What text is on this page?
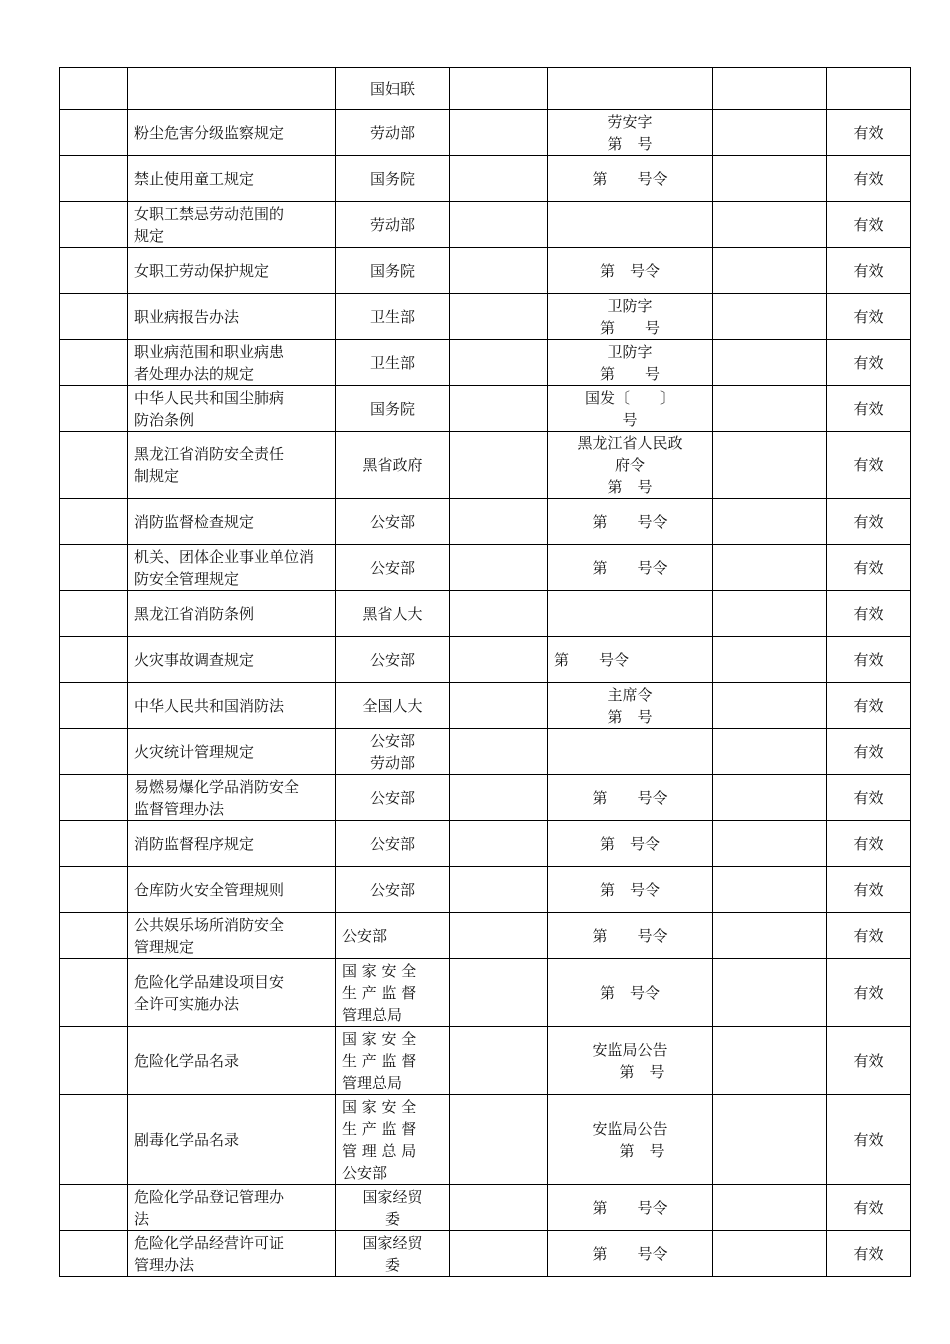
		国妇联				

	粉尘危害分级监察规定	劳动部		劳安字
第　号		有效

	禁止使用童工规定	国务院		第　　号令		有效

	女职工禁忌劳动范围的
规定	劳动部				有效

	女职工劳动保护规定	国务院		第　号令		有效

	职业病报告办法	卫生部		卫防字
第　　号		有效

	职业病范围和职业病患
者处理办法的规定	卫生部		卫防字
第　　号		有效

	中华人民共和国尘肺病
防治条例	国务院		国发〔　　〕
号		有效

	黑龙江省消防安全责任
制规定	黑省政府		黑龙江省人民政
府令
第　号		有效

	消防监督检查规定	公安部		第　　号令		有效

	机关、团体企业事业单位消
防安全管理规定	公安部		第　　号令		有效

	黑龙江省消防条例	黑省人大				有效

	火灾事故调查规定	公安部		第　　号令		有效

	中华人民共和国消防法	全国人大		主席令
第　号		有效

	火灾统计管理规定	公安部
劳动部				有效

	易燃易爆化学品消防安全
监督管理办法	公安部		第　　号令		有效

	消防监督程序规定	公安部		第　号令		有效

	仓库防火安全管理规则	公安部		第　号令		有效

	公共娱乐场所消防安全
管理规定	公安部		第　　号令		有效

	危险化学品建设项目安
全许可实施办法	国 家 安 全
生 产 监 督
管理总局		第　号令		有效

	危险化学品名录	国 家 安 全
生 产 监 督
管理总局		安监局公告
第　号		有效

	剧毒化学品名录	国 家 安 全
生 产 监 督
管 理 总 局
公安部		安监局公告
第　号		有效

	危险化学品登记管理办
法	国家经贸
委		第　　号令		有效

	危险化学品经营许可证
管理办法	国家经贸
委		第　　号令		有效
